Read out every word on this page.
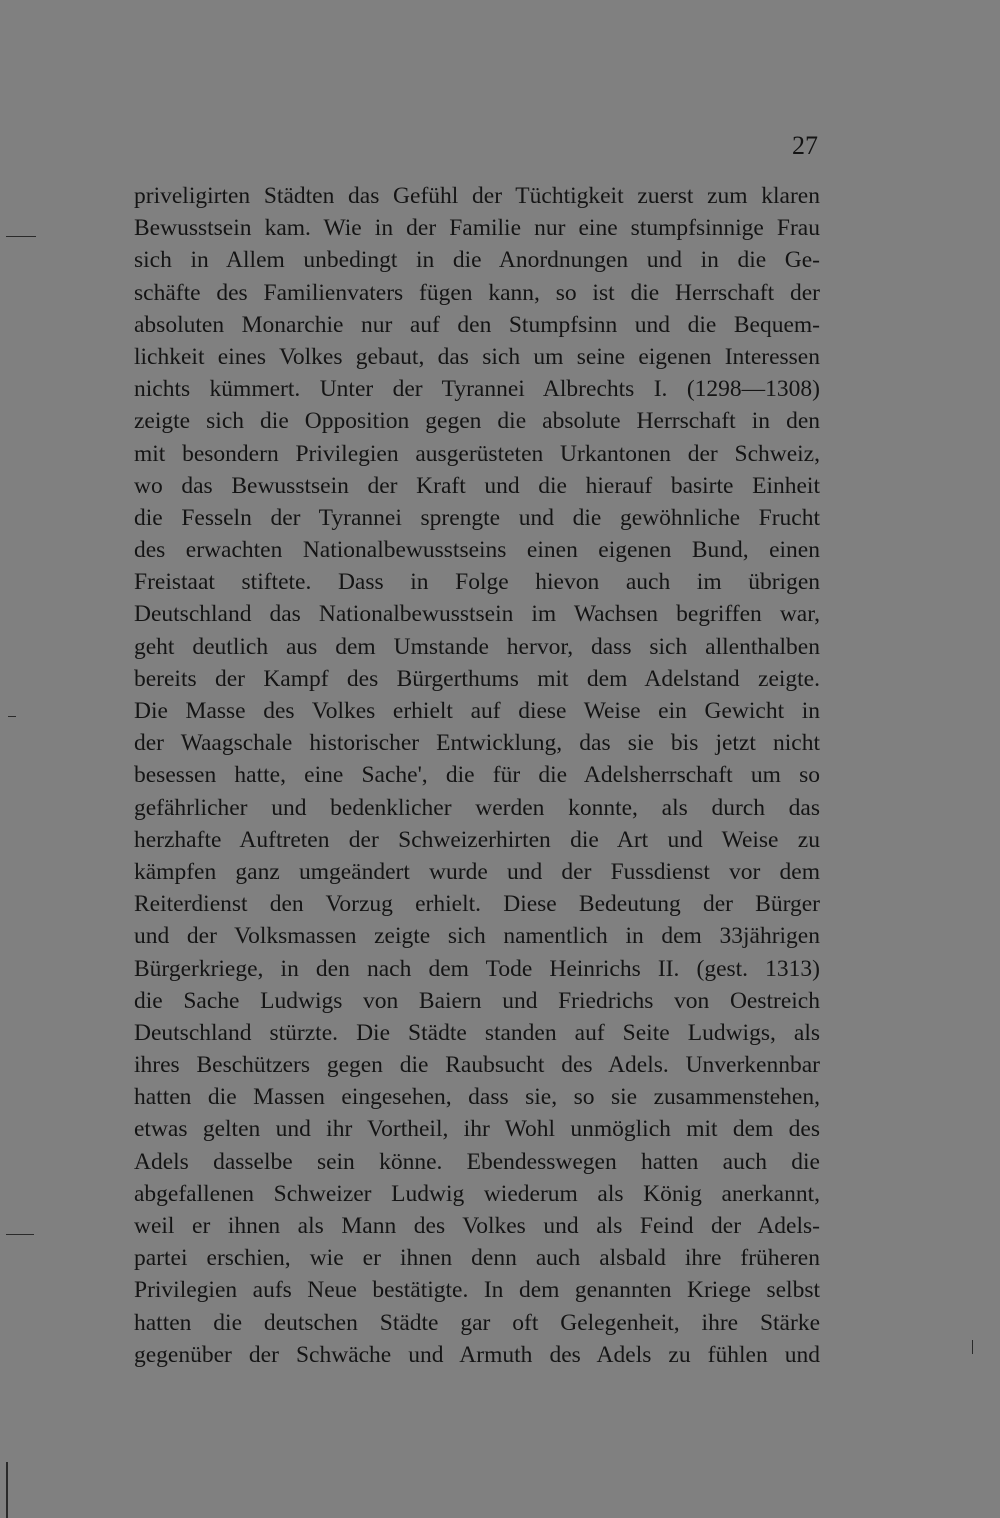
27
priveligirten Städten das Gefühl der Tüchtigkeit zuerst zum klaren
Bewusstsein kam. Wie in der Familie nur eine stumpfsinnige Frau
sich in Allem unbedingt in die Anordnungen und in die Ge-
schäfte des Familienvaters fügen kann, so ist die Herrschaft der
absoluten Monarchie nur auf den Stumpfsinn und die Bequem-
lichkeit eines Volkes gebaut, das sich um seine eigenen Interessen
nichts kümmert. Unter der Tyrannei Albrechts I. (1298—1308)
zeigte sich die Opposition gegen die absolute Herrschaft in den
mit besondern Privilegien ausgerüsteten Urkantonen der Schweiz,
wo das Bewusstsein der Kraft und die hierauf basirte Einheit
die Fesseln der Tyrannei sprengte und die gewöhnliche Frucht
des erwachten Nationalbewusstseins einen eigenen Bund, einen
Freistaat stiftete. Dass in Folge hievon auch im übrigen
Deutschland das Nationalbewusstsein im Wachsen begriffen war,
geht deutlich aus dem Umstande hervor, dass sich allenthalben
bereits der Kampf des Bürgerthums mit dem Adelstand zeigte.
Die Masse des Volkes erhielt auf diese Weise ein Gewicht in
der Waagschale historischer Entwicklung, das sie bis jetzt nicht
besessen hatte, eine Sache', die für die Adelsherrschaft um so
gefährlicher und bedenklicher werden konnte, als durch das
herzhafte Auftreten der Schweizerhirten die Art und Weise zu
kämpfen ganz umgeändert wurde und der Fussdienst vor dem
Reiterdienst den Vorzug erhielt. Diese Bedeutung der Bürger
und der Volksmassen zeigte sich namentlich in dem 33jährigen
Bürgerkriege, in den nach dem Tode Heinrichs II. (gest. 1313)
die Sache Ludwigs von Baiern und Friedrichs von Oestreich
Deutschland stürzte. Die Städte standen auf Seite Ludwigs, als
ihres Beschützers gegen die Raubsucht des Adels. Unverkennbar
hatten die Massen eingesehen, dass sie, so sie zusammenstehen,
etwas gelten und ihr Vortheil, ihr Wohl unmöglich mit dem des
Adels dasselbe sein könne. Ebendesswegen hatten auch die
abgefallenen Schweizer Ludwig wiederum als König anerkannt,
weil er ihnen als Mann des Volkes und als Feind der Adels-
partei erschien, wie er ihnen denn auch alsbald ihre früheren
Privilegien aufs Neue bestätigte. In dem genannten Kriege selbst
hatten die deutschen Städte gar oft Gelegenheit, ihre Stärke
gegenüber der Schwäche und Armuth des Adels zu fühlen und
